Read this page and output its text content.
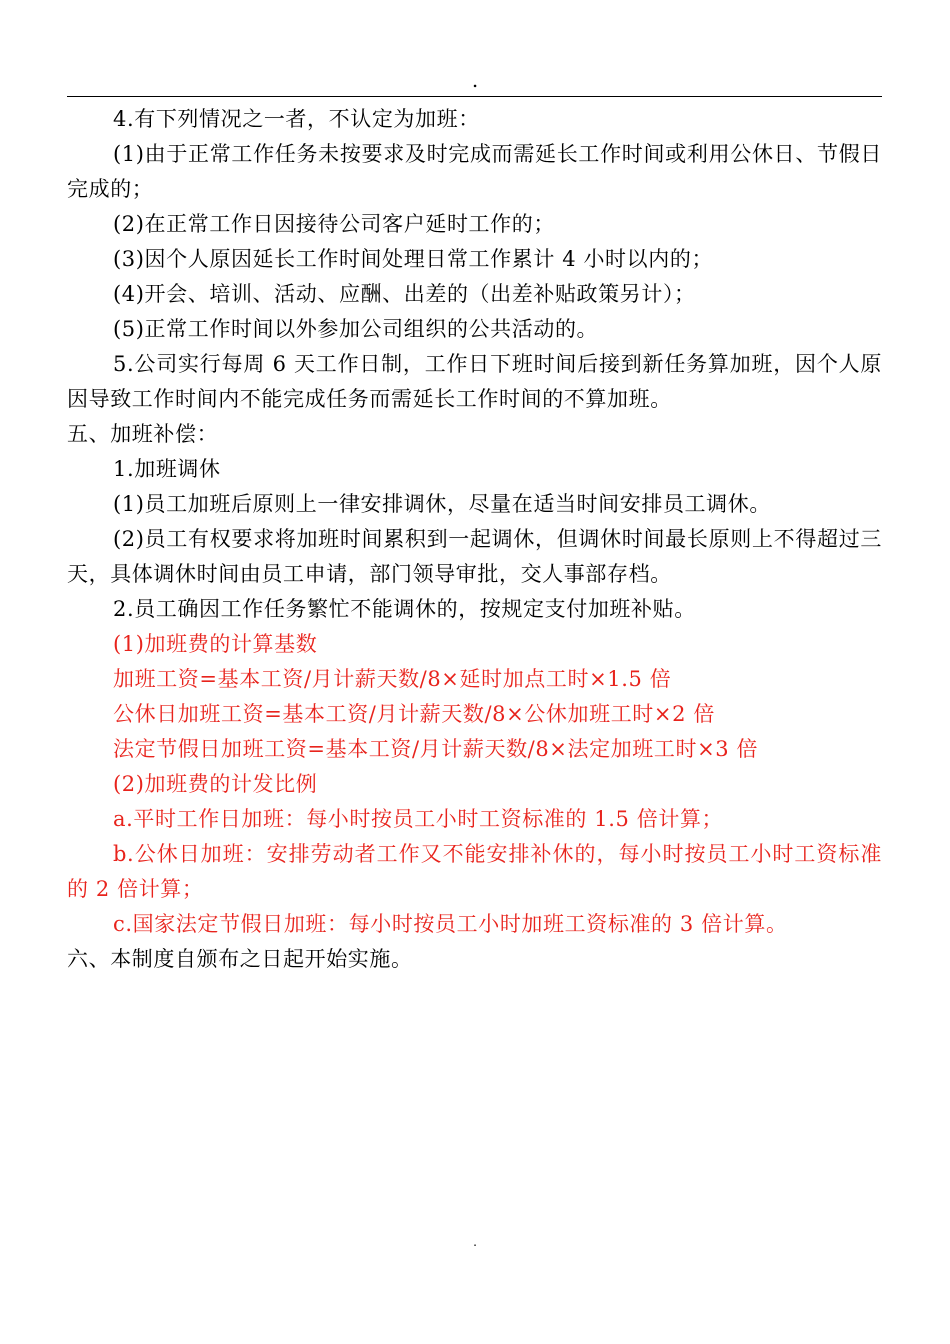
.

4.有下列情况之一者，不认定为加班：

(1)由于正常工作任务未按要求及时完成而需延长工作时间或利用公休日、节假日完成的；

(2)在正常工作日因接待公司客户延时工作的；

(3)因个人原因延长工作时间处理日常工作累计 4 小时以内的；

(4)开会、培训、活动、应酬、出差的（出差补贴政策另计）；

(5)正常工作时间以外参加公司组织的公共活动的。

5.公司实行每周 6 天工作日制，工作日下班时间后接到新任务算加班，因个人原因导致工作时间内不能完成任务而需延长工作时间的不算加班。

五、加班补偿：

1.加班调休

(1)员工加班后原则上一律安排调休，尽量在适当时间安排员工调休。

(2)员工有权要求将加班时间累积到一起调休，但调休时间最长原则上不得超过三天，具体调休时间由员工申请，部门领导审批，交人事部存档。

2.员工确因工作任务繁忙不能调休的，按规定支付加班补贴。

(1)加班费的计算基数

加班工资=基本工资/月计薪天数/8×延时加点工时×1.5 倍

公休日加班工资=基本工资/月计薪天数/8×公休加班工时×2 倍

法定节假日加班工资=基本工资/月计薪天数/8×法定加班工时×3 倍

(2)加班费的计发比例

a.平时工作日加班：每小时按员工小时工资标准的 1.5 倍计算；

b.公休日加班：安排劳动者工作又不能安排补休的，每小时按员工小时工资标准的 2 倍计算；

c.国家法定节假日加班：每小时按员工小时加班工资标准的 3 倍计算。

六、本制度自颁布之日起开始实施。

.
